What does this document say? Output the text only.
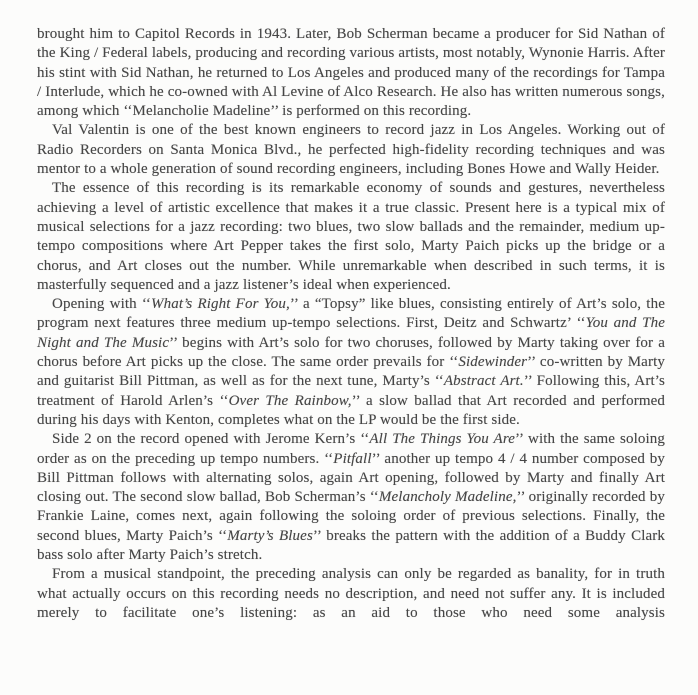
brought him to Capitol Records in 1943. Later, Bob Scherman became a producer for Sid Nathan of the King / Federal labels, producing and recording various artists, most notably, Wynonie Harris. After his stint with Sid Nathan, he returned to Los Angeles and produced many of the recordings for Tampa / Interlude, which he co-owned with Al Levine of Alco Research. He also has written numerous songs, among which ‘‘Melancholie Madeline’’ is performed on this recording.

Val Valentin is one of the best known engineers to record jazz in Los Angeles. Working out of Radio Recorders on Santa Monica Blvd., he perfected high-fidelity recording techniques and was mentor to a whole generation of sound recording engineers, including Bones Howe and Wally Heider.

The essence of this recording is its remarkable economy of sounds and gestures, nevertheless achieving a level of artistic excellence that makes it a true classic. Present here is a typical mix of musical selections for a jazz recording: two blues, two slow ballads and the remainder, medium up-tempo compositions where Art Pepper takes the first solo, Marty Paich picks up the bridge or a chorus, and Art closes out the number. While unremarkable when described in such terms, it is masterfully sequenced and a jazz listener’s ideal when experienced.

Opening with ‘‘What’s Right For You,’’ a “Topsy” like blues, consisting entirely of Art’s solo, the program next features three medium up-tempo selections. First, Deitz and Schwartz’ ‘‘You and The Night and The Music’’ begins with Art’s solo for two choruses, followed by Marty taking over for a chorus before Art picks up the close. The same order prevails for ‘‘Sidewinder’’ co-written by Marty and guitarist Bill Pittman, as well as for the next tune, Marty’s ‘‘Abstract Art.’’ Following this, Art’s treatment of Harold Arlen’s ‘‘Over The Rainbow,’’ a slow ballad that Art recorded and performed during his days with Kenton, completes what on the LP would be the first side.

Side 2 on the record opened with Jerome Kern’s ‘‘All The Things You Are’’ with the same soloing order as on the preceding up tempo numbers. ‘‘Pitfall’’ another up tempo 4 / 4 number composed by Bill Pittman follows with alternating solos, again Art opening, followed by Marty and finally Art closing out. The second slow ballad, Bob Scherman’s ‘‘Melancholy Madeline,’’ originally recorded by Frankie Laine, comes next, again following the soloing order of previous selections. Finally, the second blues, Marty Paich’s ‘‘Marty’s Blues’’ breaks the pattern with the addition of a Buddy Clark bass solo after Marty Paich’s stretch.

From a musical standpoint, the preceding analysis can only be regarded as banality, for in truth what actually occurs on this recording needs no description, and need not suffer any. It is included merely to facilitate one’s listening: as an aid to those who need some analysis
